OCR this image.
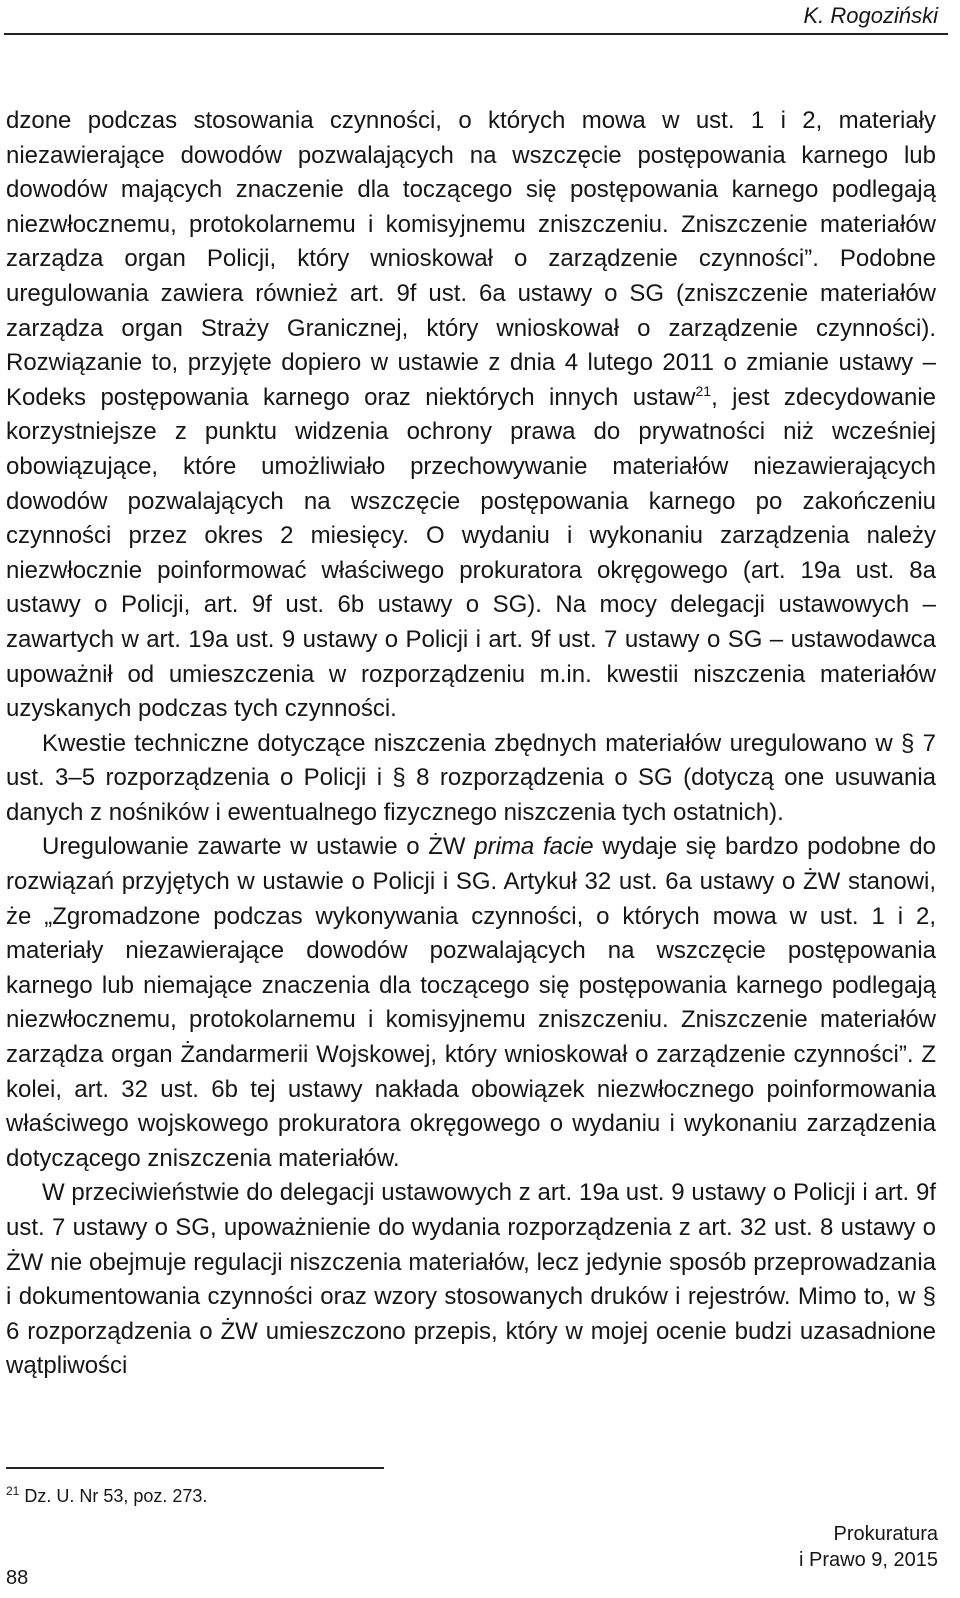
K. Rogoziński

dzone podczas stosowania czynności, o których mowa w ust. 1 i 2, materiały niezawierające dowodów pozwalających na wszczęcie postępowania karnego lub dowodów mających znaczenie dla toczącego się postępowania karnego podlegają niezwłocznemu, protokolarnemu i komisyjnemu zniszczeniu. Zniszczenie materiałów zarządza organ Policji, który wnioskował o zarządzenie czynności”. Podobne uregulowania zawiera również art. 9f ust. 6a ustawy o SG (zniszczenie materiałów zarządza organ Straży Granicznej, który wnioskował o zarządzenie czynności). Rozwiązanie to, przyjęte dopiero w ustawie z dnia 4 lutego 2011 o zmianie ustawy – Kodeks postępowania karnego oraz niektórych innych ustaw$^{21}$, jest zdecydowanie korzystniejsze z punktu widzenia ochrony prawa do prywatności niż wcześniej obowiązujące, które umożliwiało przechowywanie materiałów niezawierających dowodów pozwalających na wszczęcie postępowania karnego po zakończeniu czynności przez okres 2 miesięcy. O wydaniu i wykonaniu zarządzenia należy niezwłocznie poinformować właściwego prokuratora okręgowego (art. 19a ust. 8a ustawy o Policji, art. 9f ust. 6b ustawy o SG). Na mocy delegacji ustawowych – zawartych w art. 19a ust. 9 ustawy o Policji i art. 9f ust. 7 ustawy o SG – ustawodawca upoważnił od umieszczenia w rozporządzeniu m.in. kwestii niszczenia materiałów uzyskanych podczas tych czynności.

Kwestie techniczne dotyczące niszczenia zbędnych materiałów uregulowano w § 7 ust. 3–5 rozporządzenia o Policji i § 8 rozporządzenia o SG (dotyczą one usuwania danych z nośników i ewentualnego fizycznego niszczenia tych ostatnich).

Uregulowanie zawarte w ustawie o ŻW prima facie wydaje się bardzo podobne do rozwiązań przyjętych w ustawie o Policji i SG. Artykuł 32 ust. 6a ustawy o ŻW stanowi, że „Zgromadzone podczas wykonywania czynności, o których mowa w ust. 1 i 2, materiały niezawierające dowodów pozwalających na wszczęcie postępowania karnego lub niemające znaczenia dla toczącego się postępowania karnego podlegają niezwłocznemu, protokolarnemu i komisyjnemu zniszczeniu. Zniszczenie materiałów zarządza organ Żandarmerii Wojskowej, który wnioskował o zarządzenie czynności”. Z kolei, art. 32 ust. 6b tej ustawy nakłada obowiązek niezwłocznego poinformowania właściwego wojskowego prokuratora okręgowego o wydaniu i wykonaniu zarządzenia dotyczącego zniszczenia materiałów.

W przeciwieństwie do delegacji ustawowych z art. 19a ust. 9 ustawy o Policji i art. 9f ust. 7 ustawy o SG, upoważnienie do wydania rozporządzenia z art. 32 ust. 8 ustawy o ŻW nie obejmuje regulacji niszczenia materiałów, lecz jedynie sposób przeprowadzania i dokumentowania czynności oraz wzory stosowanych druków i rejestrów. Mimo to, w § 6 rozporządzenia o ŻW umieszczono przepis, który w mojej ocenie budzi uzasadnione wątpliwości

$^{21}$ Dz. U. Nr 53, poz. 273.
88
Prokuratura
i Prawo 9, 2015
